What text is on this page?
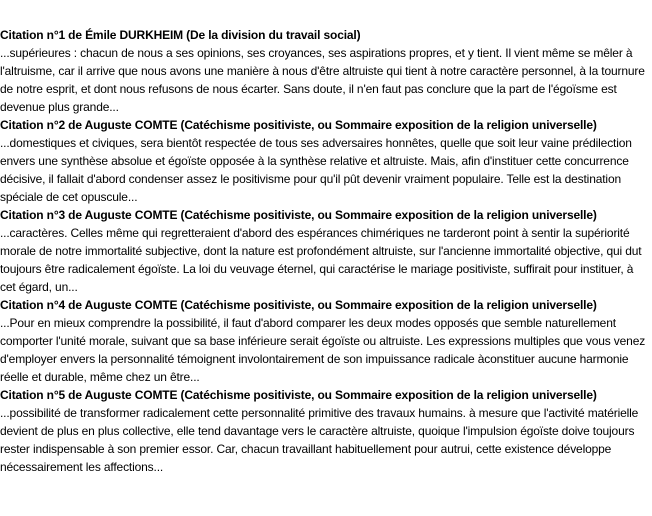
Citation n°1 de Émile DURKHEIM (De la division du travail social)
...supérieures : chacun de nous a ses opinions, ses croyances, ses aspirations propres, et y tient. Il vient même se mêler à l'altruisme, car il arrive que nous avons une manière à nous d'être altruiste qui tient à notre caractère personnel, à la tournure de notre esprit, et dont nous refusons de nous écarter. Sans doute, il n'en faut pas conclure que la part de l'égoïsme est devenue plus grande...
Citation n°2 de Auguste COMTE (Catéchisme positiviste, ou Sommaire exposition de la religion universelle)
...domestiques et civiques, sera bientôt respectée de tous ses adversaires honnêtes, quelle que soit leur vaine prédilection envers une synthèse absolue et égoïste opposée à la synthèse relative et altruiste. Mais, afin d'instituer cette concurrence décisive, il fallait d'abord condenser assez le positivisme pour qu'il pût devenir vraiment populaire. Telle est la destination spéciale de cet opuscule...
Citation n°3 de Auguste COMTE (Catéchisme positiviste, ou Sommaire exposition de la religion universelle)
...caractères. Celles même qui regretteraient d'abord des espérances chimériques ne tarderont point à sentir la supériorité morale de notre immortalité subjective, dont la nature est profondément altruiste, sur l'ancienne immortalité objective, qui dut toujours être radicalement égoïste. La loi du veuvage éternel, qui caractérise le mariage positiviste, suffirait pour instituer, à cet égard, un...
Citation n°4 de Auguste COMTE (Catéchisme positiviste, ou Sommaire exposition de la religion universelle)
...Pour en mieux comprendre la possibilité, il faut d'abord comparer les deux modes opposés que semble naturellement comporter l'unité morale, suivant que sa base inférieure serait égoïste ou altruiste. Les expressions multiples que vous venez d'employer envers la personnalité témoignent involontairement de son impuissance radicale àconstituer aucune harmonie réelle et durable, même chez un être...
Citation n°5 de Auguste COMTE (Catéchisme positiviste, ou Sommaire exposition de la religion universelle)
...possibilité de transformer radicalement cette personnalité primitive des travaux humains. à mesure que l'activité matérielle devient de plus en plus collective, elle tend davantage vers le caractère altruiste, quoique l'impulsion égoïste doive toujours rester indispensable à son premier essor. Car, chacun travaillant habituellement pour autrui, cette existence développe nécessairement les affections...
